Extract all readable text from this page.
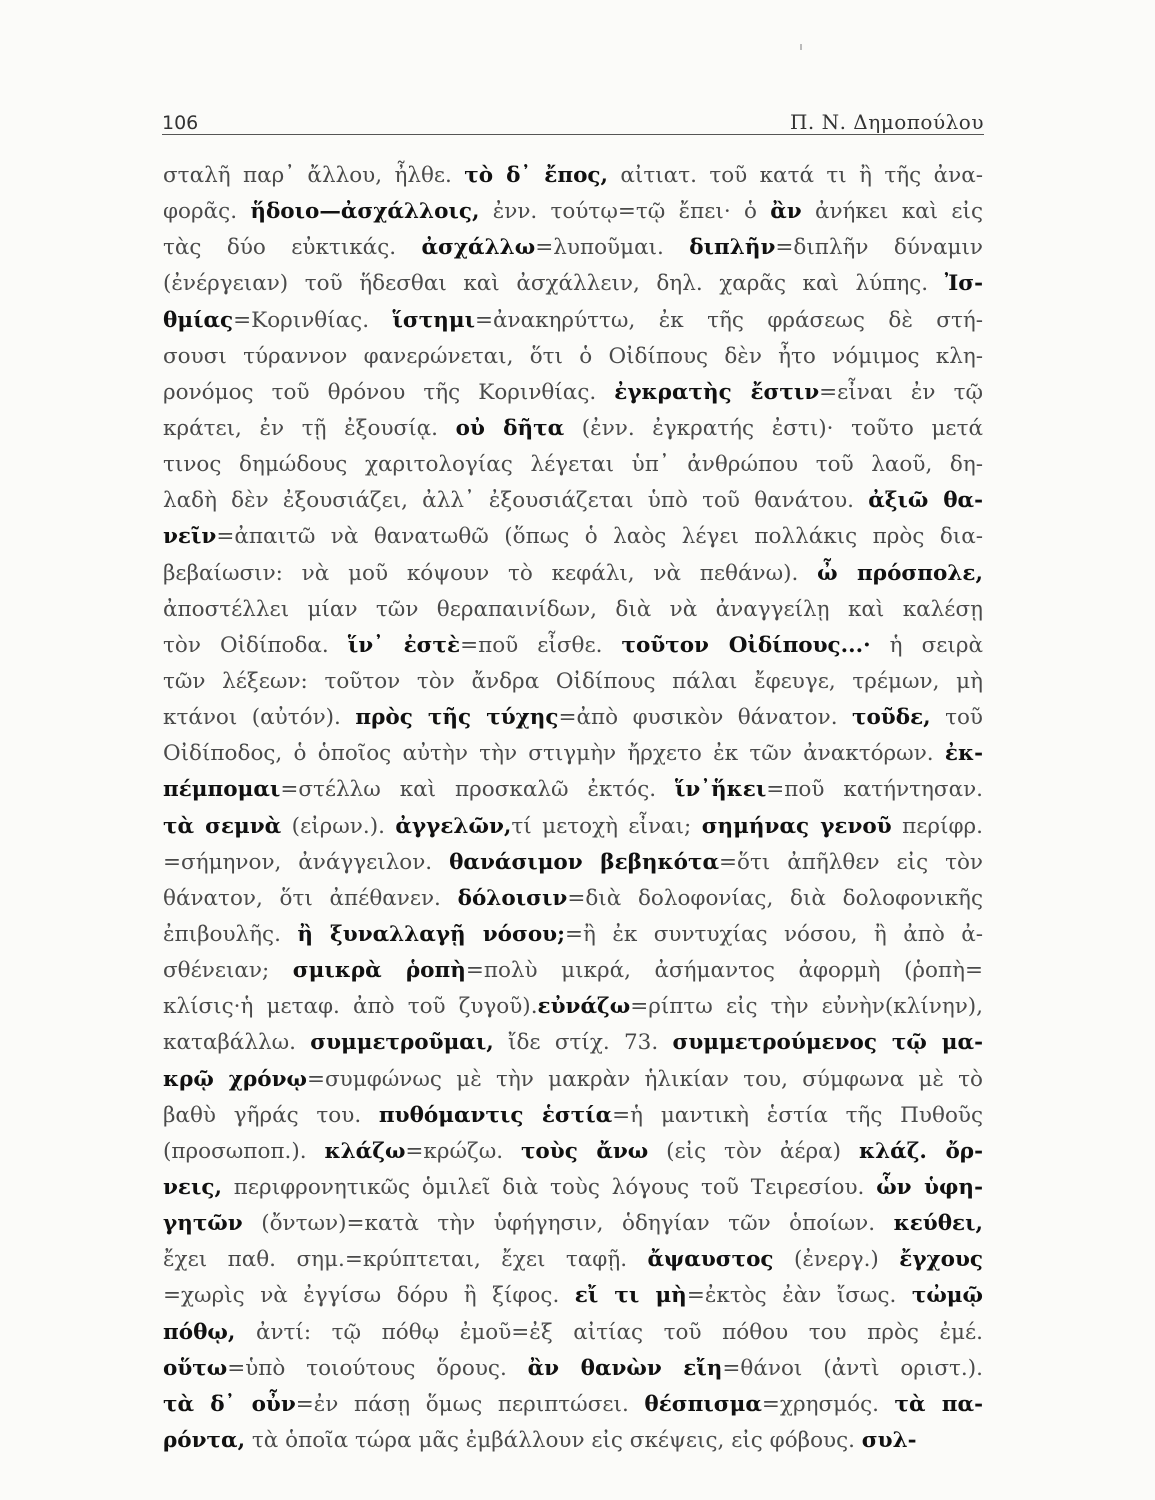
106	Π. Ν. Δημοπούλου
σταλῆ παρ᾿ ἄλλου, ἦλθε. τὸ δ᾿ ἔπος, αἰτιατ. τοῦ κατά τι ἢ τῆς ἀνα-
φορᾶς. ἥδοιο—ἀσχάλλοις, ἐνν. τούτῳ=τῷ ἔπει· ὁ ἂν ἀνήκει καὶ εἰς
τὰς δύο εὐκτικάς. ἀσχάλλω=λυποῦμαι. διπλῆν=διπλῆν δύναμιν
(ἐνέργειαν) τοῦ ἥδεσθαι καὶ ἀσχάλλειν, δηλ. χαρᾶς καὶ λύπης. Ἰσ-
θμίας=Κορινθίας. ἵστημι=ἀνακηρύττω, ἐκ τῆς φράσεως δὲ στή-
σουσι τύραννον φανερώνεται, ὅτι ὁ Οἰδίπους δὲν ἦτο νόμιμος κλη-
ρονόμος τοῦ θρόνου τῆς Κορινθίας. ἐγκρατὴς ἔστιν=εἶναι ἐν τῷ
κράτει, ἐν τῇ ἐξουσίᾳ. οὐ δῆτα (ἐνν. ἐγκρατής ἐστι)· τοῦτο μετά
τινος δημώδους χαριτολογίας λέγεται ὑπ᾿ ἀνθρώπου τοῦ λαοῦ, δη-
λαδὴ δὲν ἐξουσιάζει, ἀλλ᾿ ἐξουσιάζεται ὑπὸ τοῦ θανάτου. ἀξιῶ θα-
νεῖν=ἀπαιτῶ νὰ θανατωθῶ (ὅπως ὁ λαὸς λέγει πολλάκις πρὸς δια-
βεβαίωσιν: νὰ μοῦ κόψουν τὸ κεφάλι, νὰ πεθάνω). ὦ πρόσπολε,
ἀποστέλλει μίαν τῶν θεραπαινίδων, διὰ νὰ ἀναγγείλῃ καὶ καλέσῃ
τὸν Οἰδίποδα. ἵν᾿ ἐστὲ=ποῦ εἶσθε. τοῦτον Οἰδίπους...· ἡ σειρὰ
τῶν λέξεων: τοῦτον τὸν ἄνδρα Οἰδίπους πάλαι ἔφευγε, τρέμων, μὴ
κτάνοι (αὐτόν). πρὸς τῆς τύχης=ἀπὸ φυσικὸν θάνατον. τοῦδε, τοῦ
Οἰδίποδος, ὁ ὁποῖος αὐτὴν τὴν στιγμὴν ἤρχετο ἐκ τῶν ἀνακτόρων. ἐκ-
πέμπομαι=στέλλω καὶ προσκαλῶ ἐκτός. ἵν᾿ἥκει=ποῦ κατήντησαν.
τὰ σεμνὰ (εἰρων.). ἀγγελῶν,τί μετοχὴ εἶναι; σημήνας γενοῦ περίφρ.
=σήμηνον, ἀνάγγειλον. θανάσιμον βεβηκότα=ὅτι ἀπῆλθεν εἰς τὸν
θάνατον, ὅτι ἀπέθανεν. δόλοισιν=διὰ δολοφονίας, διὰ δολοφονικῆς
ἐπιβουλῆς. ἢ ξυναλλαγῇ νόσου;=ἢ ἐκ συντυχίας νόσου, ἢ ἀπὸ ἀ-
σθένειαν; σμικρὰ ῥοπὴ=πολὺ μικρά, ἀσήμαντος ἀφορμὴ (ῥοπὴ=
κλίσις·ἡ μεταφ. ἀπὸ τοῦ ζυγοῦ).εὐνάζω=ρίπτω εἰς τὴν εὐνὴν(κλίνην),
καταβάλλω. συμμετροῦμαι, ἴδε στίχ. 73. συμμετρούμενος τῷ μα-
κρῷ χρόνῳ=συμφώνως μὲ τὴν μακρὰν ἡλικίαν του, σύμφωνα μὲ τὸ
βαθὺ γῆράς του. πυθόμαντις ἑστία=ἡ μαντικὴ ἑστία τῆς Πυθοῦς
(προσωποπ.). κλάζω=κρώζω. τοὺς ἄνω (εἰς τὸν ἀέρα) κλάζ. ὄρ-
νεις, περιφρονητικῶς ὁμιλεῖ διὰ τοὺς λόγους τοῦ Τειρεσίου. ὧν ὑφη-
γητῶν (ὄντων)=κατὰ τὴν ὑφήγησιν, ὁδηγίαν τῶν ὁποίων. κεύθει,
ἔχει παθ. σημ.=κρύπτεται, ἔχει ταφῇ. ἄψαυστος (ἐνεργ.) ἔγχους
=χωρὶς νὰ ἐγγίσω δόρυ ἢ ξίφος. εἴ τι μὴ=ἐκτὸς ἐὰν ἴσως. τὠμῷ
πόθῳ, ἀντί: τῷ πόθῳ ἐμοῦ=ἐξ αἰτίας τοῦ πόθου του πρὸς ἐμέ.
οὕτω=ὑπὸ τοιούτους ὅρους. ἂν θανὼν εἴη=θάνοι (ἀντὶ οριστ.).
τὰ δ᾿ οὖν=ἐν πάσῃ ὅμως περιπτώσει. θέσπισμα=χρησμός. τὰ πα-
ρόντα, τὰ ὁποῖα τώρα μᾶς ἐμβάλλουν εἰς σκέψεις, εἰς φόβους. συλ-
